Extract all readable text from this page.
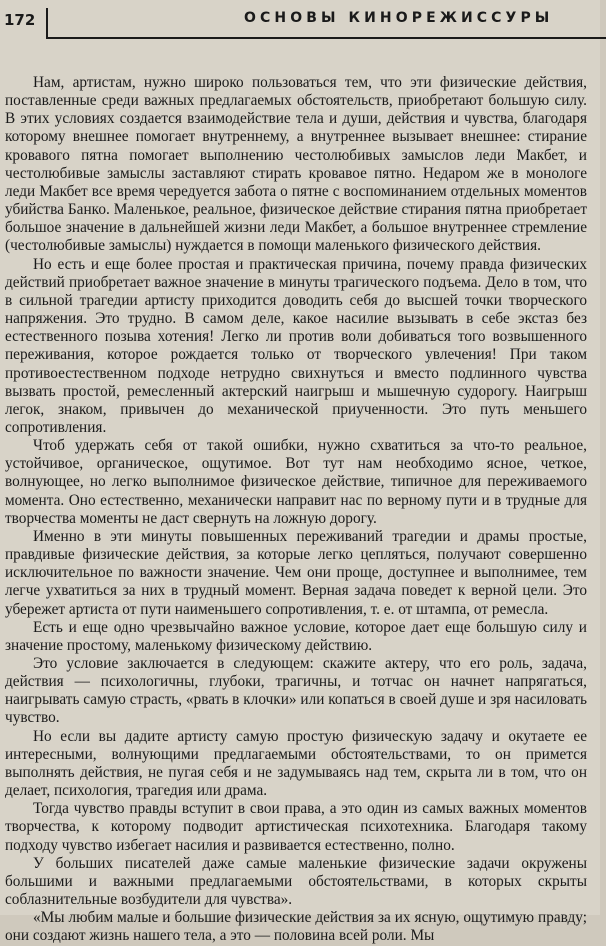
172	ОСНОВЫ КИНОРЕЖИССУРЫ

Нам, артистам, нужно широко пользоваться тем, что эти физические действия, поставленные среди важных предлагаемых обстоятельств, приобретают большую силу. В этих условиях создается взаимодействие тела и души, действия и чувства, благодаря которому внешнее помогает внутреннему, а внутреннее вызывает внешнее: стирание кровавого пятна помогает выполнению честолюбивых замыслов леди Макбет, и честолюбивые замыслы заставляют стирать кровавое пятно. Недаром же в монологе леди Макбет все время чередуется забота о пятне с воспоминанием отдельных моментов убийства Банко. Маленькое, реальное, физическое действие стирания пятна приобретает большое значение в дальнейшей жизни леди Макбет, а большое внутреннее стремление (честолюбивые замыслы) нуждается в помощи маленького физического действия.

Но есть и еще более простая и практическая причина, почему правда физических действий приобретает важное значение в минуты трагического подъема. Дело в том, что в сильной трагедии артисту приходится доводить себя до высшей точки творческого напряжения. Это трудно. В самом деле, какое насилие вызывать в себе экстаз без естественного позыва хотения! Легко ли против воли добиваться того возвышенного переживания, которое рождается только от творческого увлечения! При таком противоестественном подходе нетрудно свихнуться и вместо подлинного чувства вызвать простой, ремесленный актерский наигрыш и мышечную судорогу. Наигрыш легок, знаком, привычен до механической приученности. Это путь меньшего сопротивления.

Чтоб удержать себя от такой ошибки, нужно схватиться за что-то реальное, устойчивое, органическое, ощутимое. Вот тут нам необходимо ясное, четкое, волнующее, но легко выполнимое физическое действие, типичное для переживаемого момента. Оно естественно, механически направит нас по верному пути и в трудные для творчества моменты не даст свернуть на ложную дорогу.

Именно в эти минуты повышенных переживаний трагедии и драмы простые, правдивые физические действия, за которые легко цепляться, получают совершенно исключительное по важности значение. Чем они проще, доступнее и выполнимее, тем легче ухватиться за них в трудный момент. Верная задача поведет к верной цели. Это убережет артиста от пути наименьшего сопротивления, т. е. от штампа, от ремесла.

Есть и еще одно чрезвычайно важное условие, которое дает еще большую силу и значение простому, маленькому физическому действию.

Это условие заключается в следующем: скажите актеру, что его роль, задача, действия — психологичны, глубоки, трагичны, и тотчас он начнет напрягаться, наигрывать самую страсть, «рвать в клочки» или копаться в своей душе и зря насиловать чувство.

Но если вы дадите артисту самую простую физическую задачу и окутаете ее интересными, волнующими предлагаемыми обстоятельствами, то он примется выполнять действия, не пугая себя и не задумываясь над тем, скрыта ли в том, что он делает, психология, трагедия или драма.

Тогда чувство правды вступит в свои права, а это один из самых важных моментов творчества, к которому подводит артистическая психотехника. Благодаря такому подходу чувство избегает насилия и развивается естественно, полно.

У больших писателей даже самые маленькие физические задачи окружены большими и важными предлагаемыми обстоятельствами, в которых скрыты соблазнительные возбудители для чувства».

«Мы любим малые и большие физические действия за их ясную, ощутимую правду; они создают жизнь нашего тела, а это — половина всей роли. Мы
